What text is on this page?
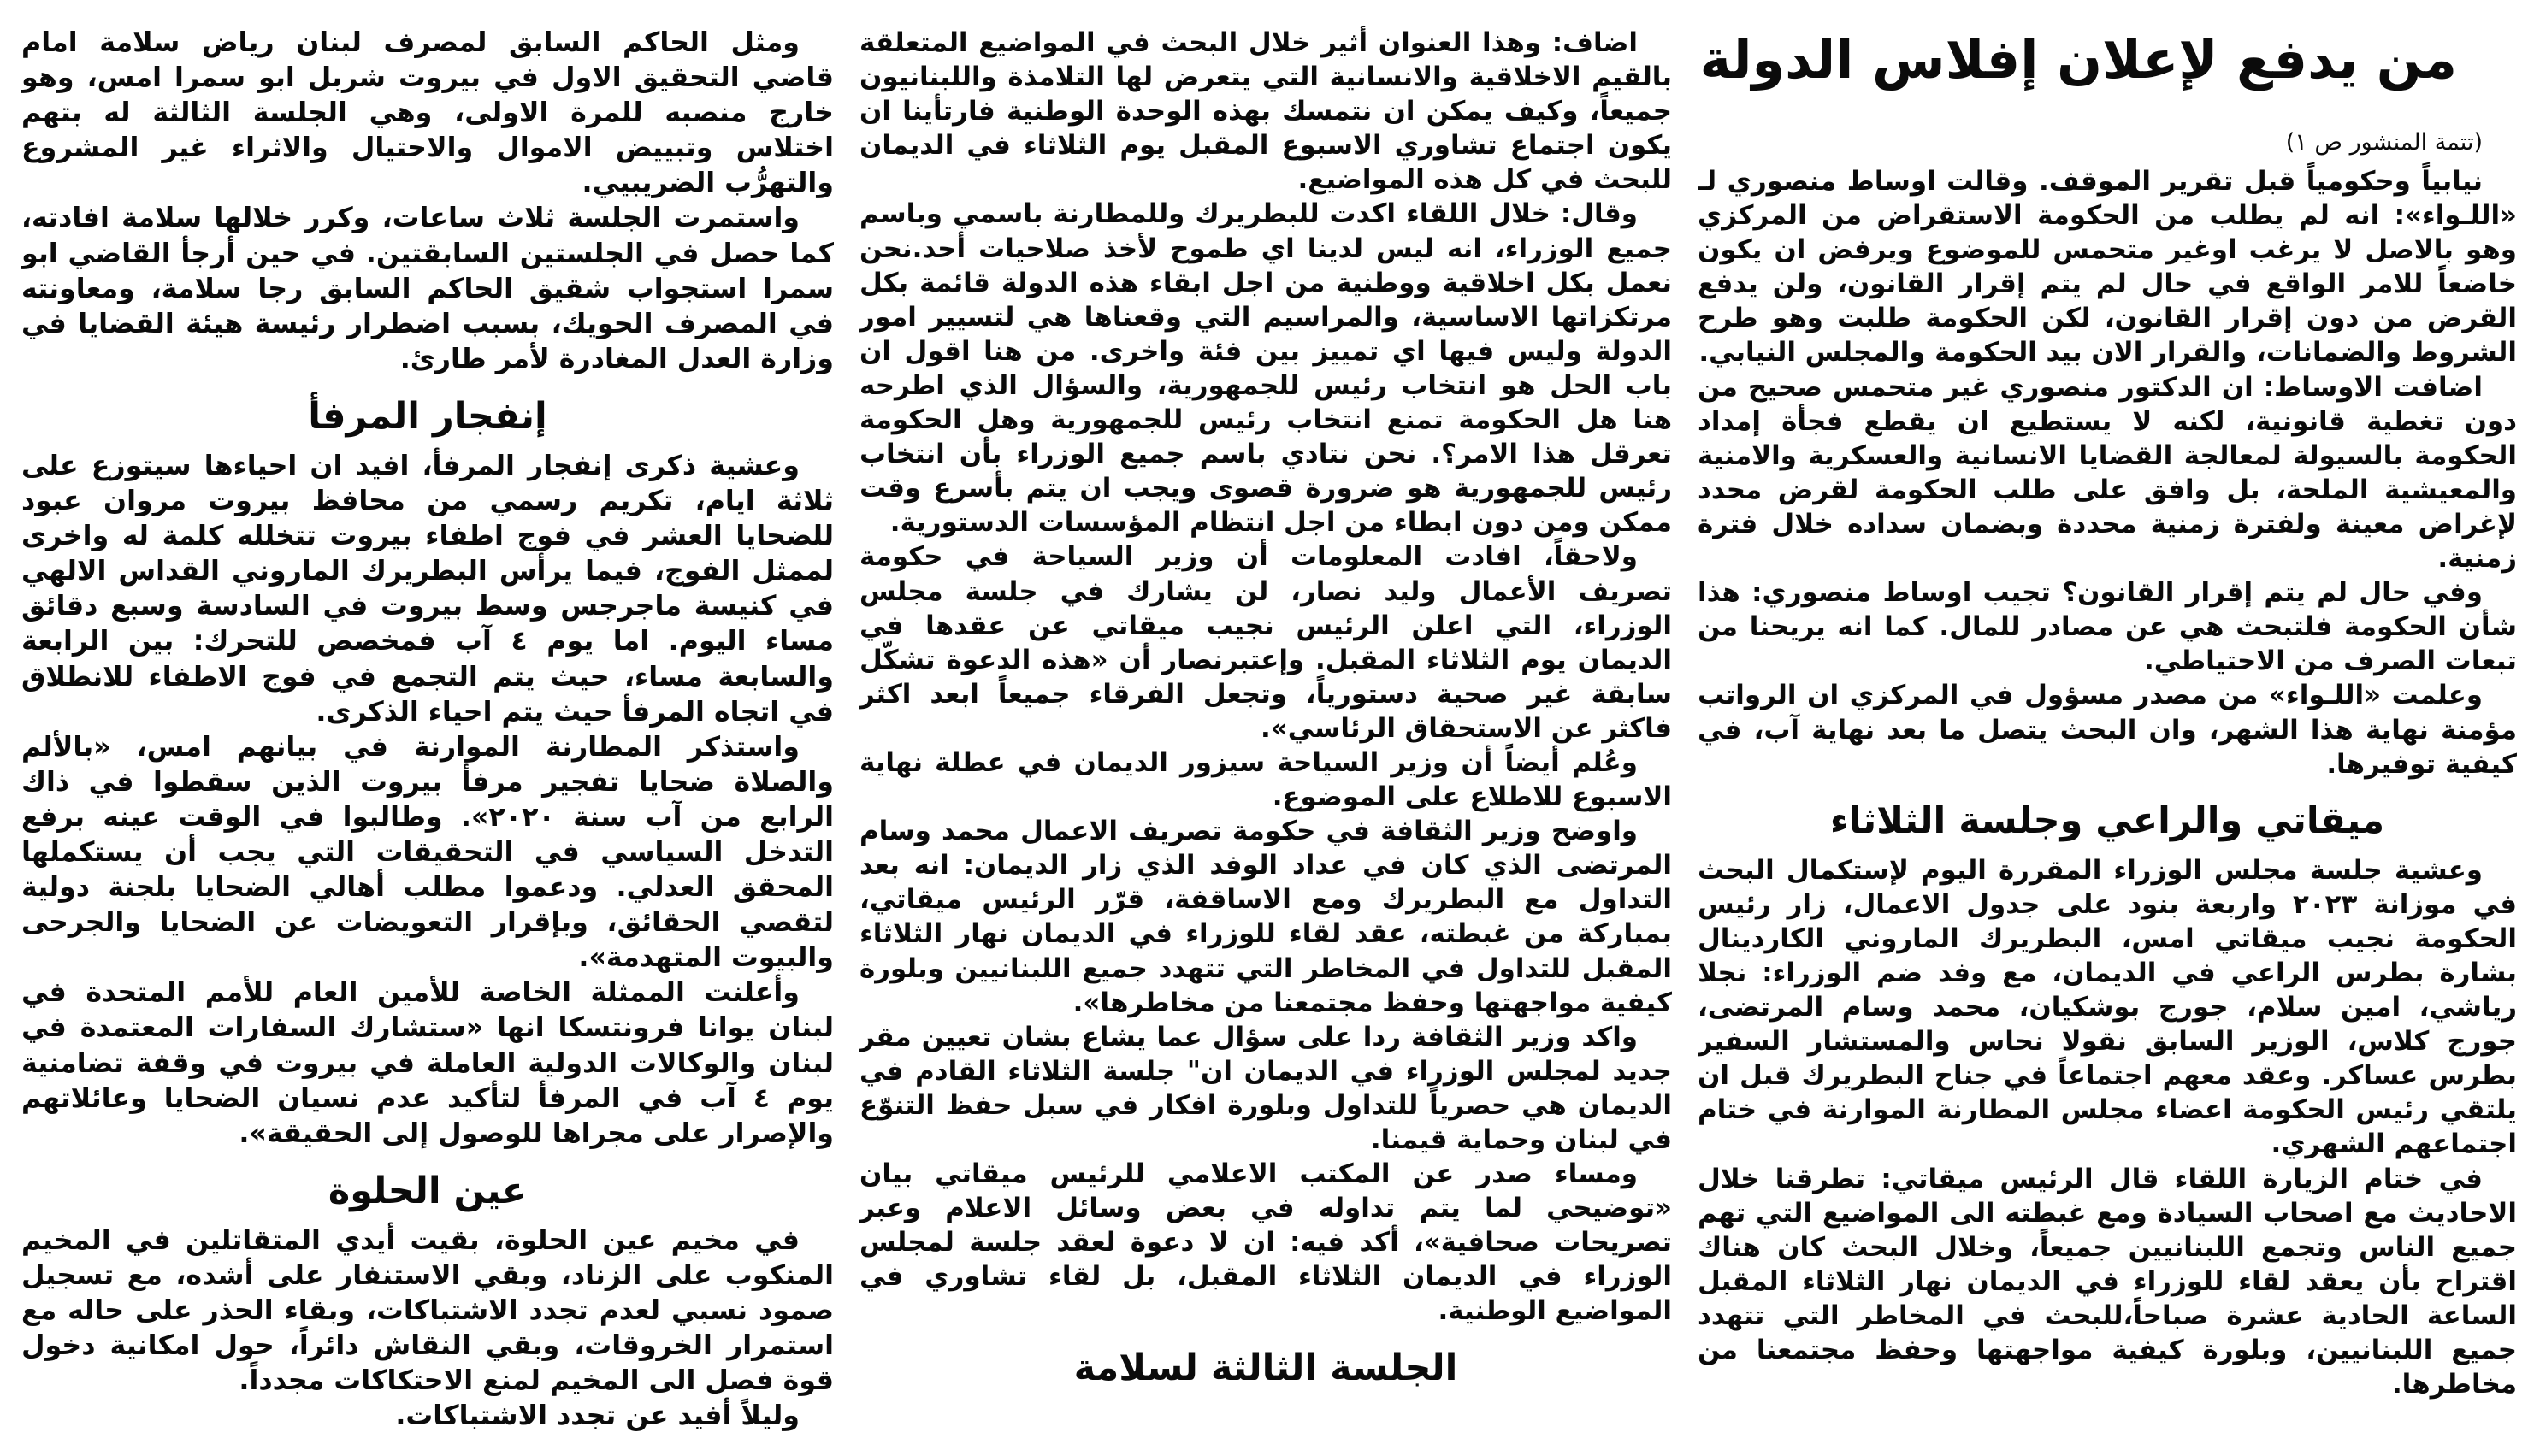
من يدفع لإعلان إفلاس الدولة
(تتمة المنشور ص ١)

نيابياً وحكومياً قبل تقرير الموقف. وقالت اوساط منصوري لـ «اللـواء»: انه لم يطلب من الحكومة الاستقراض من المركزي وهو بالاصل لا يرغب اوغير متحمس للموضوع ويرفض ان يكون خاضعاً للامر الواقع في حال لم يتم إقرار القانون، ولن يدفع القرض من دون إقرار القانون، لكن الحكومة طلبت وهو طرح الشروط والضمانات، والقرار الان بيد الحكومة والمجلس النيابي.

اضافت الاوساط: ان الدكتور منصوري غير متحمس صحيح من دون تغطية قانونية، لكنه لا يستطيع ان يقطع فجأة إمداد الحكومة بالسيولة لمعالجة القضايا الانسانية والعسكرية والامنية والمعيشية الملحة، بل وافق على طلب الحكومة لقرض محدد لإغراض معينة ولفترة زمنية محددة وبضمان سداده خلال فترة زمنية.

وفي حال لم يتم إقرار القانون؟ تجيب اوساط منصوري: هذا شأن الحكومة فلتبحث هي عن مصادر للمال. كما انه يريحنا من تبعات الصرف من الاحتياطي.

وعلمت «اللـواء» من مصدر مسؤول في المركزي ان الرواتب مؤمنة نهاية هذا الشهر، وان البحث يتصل ما بعد نهاية آب، في كيفية توفيرها.

ميقاتي والراعي وجلسة الثلاثاء

وعشية جلسة مجلس الوزراء المقررة اليوم لإستكمال البحث في موزانة ٢٠٢٣ واربعة بنود على جدول الاعمال، زار رئيس الحكومة نجيب ميقاتي امس، البطريرك الماروني الكاردينال بشارة بطرس الراعي في الديمان، مع وفد ضم الوزراء: نجلا رياشي، امين سلام، جورج بوشكيان، محمد وسام المرتضى، جورج كلاس، الوزير السابق نقولا نحاس والمستشار السفير بطرس عساكر. وعقد معهم اجتماعاً في جناح البطريرك قبل ان يلتقي رئيس الحكومة اعضاء مجلس المطارنة الموارنة في ختام اجتماعهم الشهري.

في ختام الزيارة اللقاء قال الرئيس ميقاتي: تطرقنا خلال الاحاديث مع اصحاب السيادة ومع غبطته الى المواضيع التي تهم جميع الناس وتجمع اللبنانيين جميعاً، وخلال البحث كان هناك اقتراح بأن يعقد لقاء للوزراء في الديمان نهار الثلاثاء المقبل الساعة الحادية عشرة صباحاً،للبحث في المخاطر التي تتهدد جميع اللبنانيين، وبلورة كيفية مواجهتها وحفظ مجتمعنا من مخاطرها.

اضاف: وهذا العنوان أثير خلال البحث في المواضيع المتعلقة بالقيم الاخلاقية والانسانية التي يتعرض لها التلامذة واللبنانيون جميعاً، وكيف يمكن ان نتمسك بهذه الوحدة الوطنية فارتأينا ان يكون اجتماع تشاوري الاسبوع المقبل يوم الثلاثاء في الديمان للبحث في كل هذه المواضيع.

وقال: خلال اللقاء اكدت للبطريرك وللمطارنة باسمي وباسم جميع الوزراء، انه ليس لدينا اي طموح لأخذ صلاحيات أحد.نحن نعمل بكل اخلاقية ووطنية من اجل ابقاء هذه الدولة قائمة بكل مرتكزاتها الاساسية، والمراسيم التي وقعناها هي لتسيير امور الدولة وليس فيها اي تمييز بين فئة واخرى. من هنا اقول ان باب الحل هو انتخاب رئيس للجمهورية، والسؤال الذي اطرحه هنا هل الحكومة تمنع انتخاب رئيس للجمهورية وهل الحكومة تعرقل هذا الامر؟. نحن نتادي باسم جميع الوزراء بأن انتخاب رئيس للجمهورية هو ضرورة قصوى ويجب ان يتم بأسرع وقت ممكن ومن دون ابطاء من اجل انتظام المؤسسات الدستورية.

ولاحقاً، افادت المعلومات أن وزير السياحة في حكومة تصريف الأعمال وليد نصار، لن يشارك في جلسة مجلس الوزراء، التي اعلن الرئيس نجيب ميقاتي عن عقدها في الديمان يوم الثلاثاء المقبل. وإعتبرنصار أن «هذه الدعوة تشكّل سابقة غير صحية دستورياً، وتجعل الفرقاء جميعاً ابعد اكثر فاكثر عن الاستحقاق الرئاسي».

وعُلم أيضاً أن وزير السياحة سيزور الديمان في عطلة نهاية الاسبوع للاطلاع على الموضوع.

واوضح وزير الثقافة في حكومة تصريف الاعمال محمد وسام المرتضى الذي كان في عداد الوفد الذي زار الديمان: انه بعد التداول مع البطريرك ومع الاساقفة، قرّر الرئيس ميقاتي، بمباركة من غبطته، عقد لقاء للوزراء في الديمان نهار الثلاثاء المقبل للتداول في المخاطر التي تتهدد جميع اللبنانيين وبلورة كيفية مواجهتها وحفظ مجتمعنا من مخاطرها».

واكد وزير الثقافة ردا على سؤال عما يشاع بشان تعيين مقر جديد لمجلس الوزراء في الديمان ان" جلسة الثلاثاء القادم في الديمان هي حصرياً للتداول وبلورة افكار في سبل حفظ التنوّع في لبنان وحماية قيمنا.

ومساء صدر عن المكتب الاعلامي للرئيس ميقاتي بيان «توضيحي لما يتم تداوله في بعض وسائل الاعلام وعبر تصريحات صحافية»، أكد فيه: ان لا دعوة لعقد جلسة لمجلس الوزراء في الديمان الثلاثاء المقبل، بل لقاء تشاوري في المواضيع الوطنية.

الجلسة الثالثة لسلامة

ومثل الحاكم السابق لمصرف لبنان رياض سلامة امام قاضي التحقيق الاول في بيروت شربل ابو سمرا امس، وهو خارج منصبه للمرة الاولى، وهي الجلسة الثالثة له بتهم اختلاس وتبييض الاموال والاحتيال والاثراء غير المشروع والتهرُّب الضريبيي.

واستمرت الجلسة ثلاث ساعات، وكرر خلالها سلامة افادته، كما حصل في الجلستين السابقتين. في حين أرجأ القاضي ابو سمرا استجواب شقيق الحاكم السابق رجا سلامة، ومعاونته في المصرف الحويك، بسبب اضطرار رئيسة هيئة القضايا في وزارة العدل المغادرة لأمر طارئ.

إنفجار المرفأ

وعشية ذكرى إنفجار المرفأ، افيد ان احياءها سيتوزع على ثلاثة ايام، تكريم رسمي من محافظ بيروت مروان عبود للضحايا العشر في فوج اطفاء بيروت تتخلله كلمة له واخرى لممثل الفوج، فيما يرأس البطريرك الماروني القداس الالهي في كنيسة ماجرجس وسط بيروت في السادسة وسبع دقائق مساء اليوم. اما يوم ٤ آب فمخصص للتحرك: بين الرابعة والسابعة مساء، حيث يتم التجمع في فوج الاطفاء للانطلاق في اتجاه المرفأ حيث يتم احياء الذكرى.

واستذكر المطارنة الموارنة في بيانهم امس، «بالألم والصلاة ضحايا تفجير مرفأ بيروت الذين سقطوا في ذاك الرابع من آب سنة ٢٠٢٠». وطالبوا في الوقت عينه برفع التدخل السياسي في التحقيقات التي يجب أن يستكملها المحقق العدلي. ودعموا مطلب أهالي الضحايا بلجنة دولية لتقصي الحقائق، وبإقرار التعويضات عن الضحايا والجرحى والبيوت المتهدمة».

وأعلنت الممثلة الخاصة للأمين العام للأمم المتحدة في لبنان يوانا فرونتسكا انها «ستشارك السفارات المعتمدة في لبنان والوكالات الدولية العاملة في بيروت في وقفة تضامنية يوم ٤ آب في المرفأ لتأكيد عدم نسيان الضحايا وعائلاتهم والإصرار على مجراها للوصول إلى الحقيقة».

عين الحلوة

في مخيم عين الحلوة، بقيت أيدي المتقاتلين في المخيم المنكوب على الزناد، وبقي الاستنفار على أشده، مع تسجيل صمود نسبي لعدم تجدد الاشتباكات، وبقاء الحذر على حاله مع استمرار الخروقات، وبقي النقاش دائراً، حول امكانية دخول قوة فصل الى المخيم لمنع الاحتكاكات مجدداً.

وليلاً أفيد عن تجدد الاشتباكات.
